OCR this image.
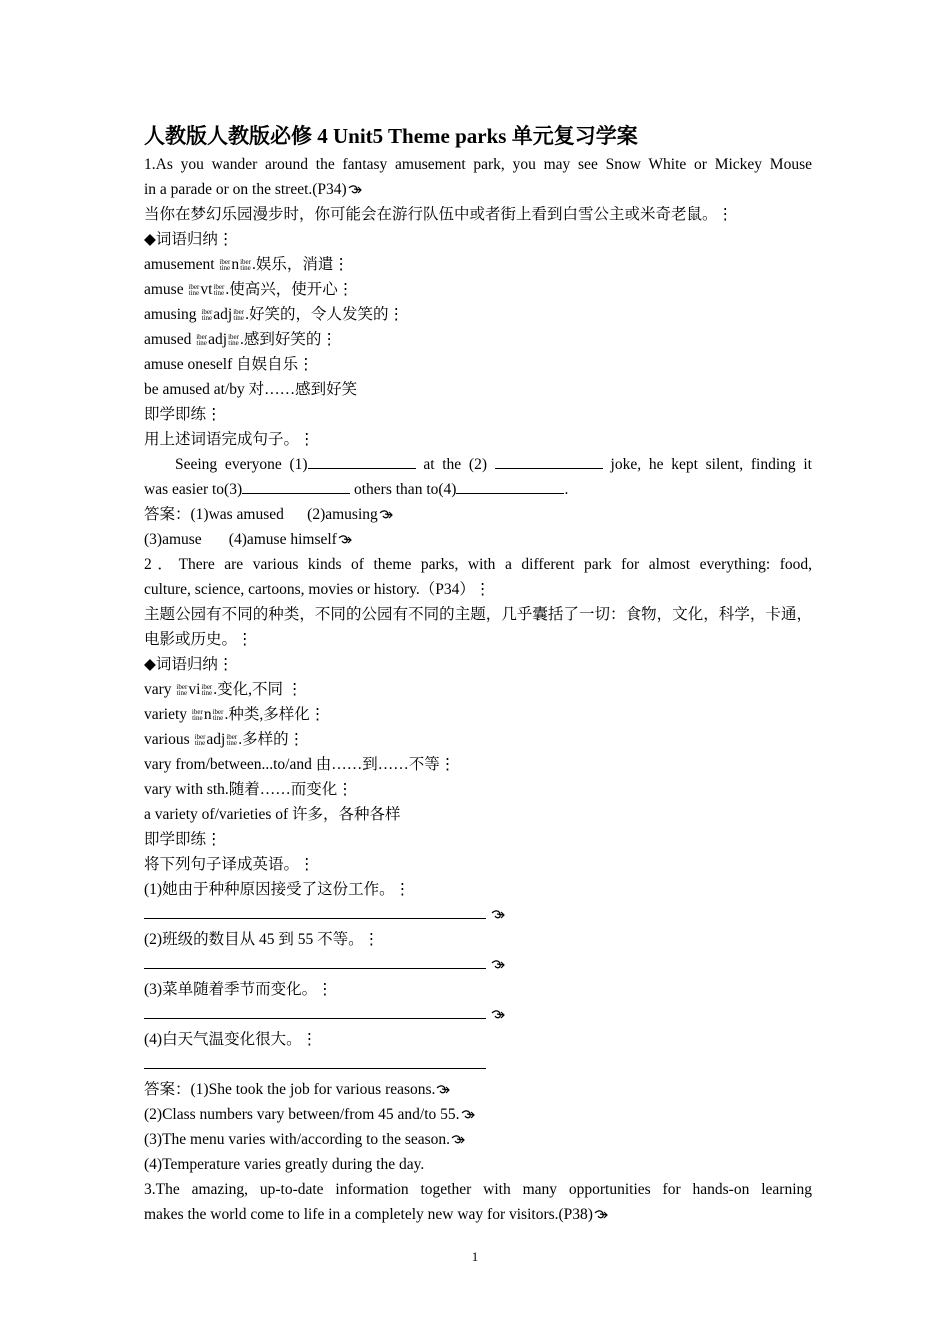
人教版人教版必修 4 Unit5 Theme parks 单元复习学案
1.As you wander around the fantasy amusement park, you may see Snow White or Mickey Mouse
in a parade or on the street.(P34)
当你在梦幻乐园漫步时，你可能会在游行队伍中或者街上看到白雪公主或米奇老鼠。⋮
◆词语归纳⋮
amusement iber
tine n iber
tine .娱乐，消遣⋮
amuse iber
tine vt iber
tine .使高兴，使开心⋮
amusing iber
tine adj iber
tine .好笑的，令人发笑的⋮
amused iber
tine adj iber
tine .感到好笑的⋮
amuse oneself 自娱自乐⋮
be amused at/by 对……感到好笑
即学即练⋮
用上述词语完成句子。⋮
Seeing everyone (1)	at the (2)	joke, he kept silent, finding it
was easier to(3)	others than to(4)	.
答案：(1)was amused (2)amusing
(3)amuse (4)amuse himself
2．There are various kinds of theme parks, with a different park for almost everything: food,
culture, science, cartoons, movies or history.（P34）⋮
主题公园有不同的种类，不同的公园有不同的主题，几乎囊括了一切：食物，文化，科学，卡通，
电影或历史。⋮
◆词语归纳⋮
vary iber
tine vi iber
tine .变化,不同 ⋮
variety iber
tine n iber
tine .种类,多样化⋮
various iber
tine adj iber
tine .多样的⋮
vary from/between...to/and 由……到……不等⋮
vary with sth.随着……而变化⋮
a variety of/varieties of 许多，各种各样
即学即练⋮
将下列句子译成英语。⋮
(1)她由于种种原因接受了这份工作。⋮

(2)班级的数目从 45 到 55 不等。⋮

(3)菜单随着季节而变化。⋮

(4)白天气温变化很大。⋮
答案：(1)She took the job for various reasons.
(2)Class numbers vary between/from 45 and/to 55.
(3)The menu varies with/according to the season.
(4)Temperature varies greatly during the day.
3.The amazing, up-to-date information together with many opportunities for hands-on learning
makes the world come to life in a completely new way for visitors.(P38)
1
